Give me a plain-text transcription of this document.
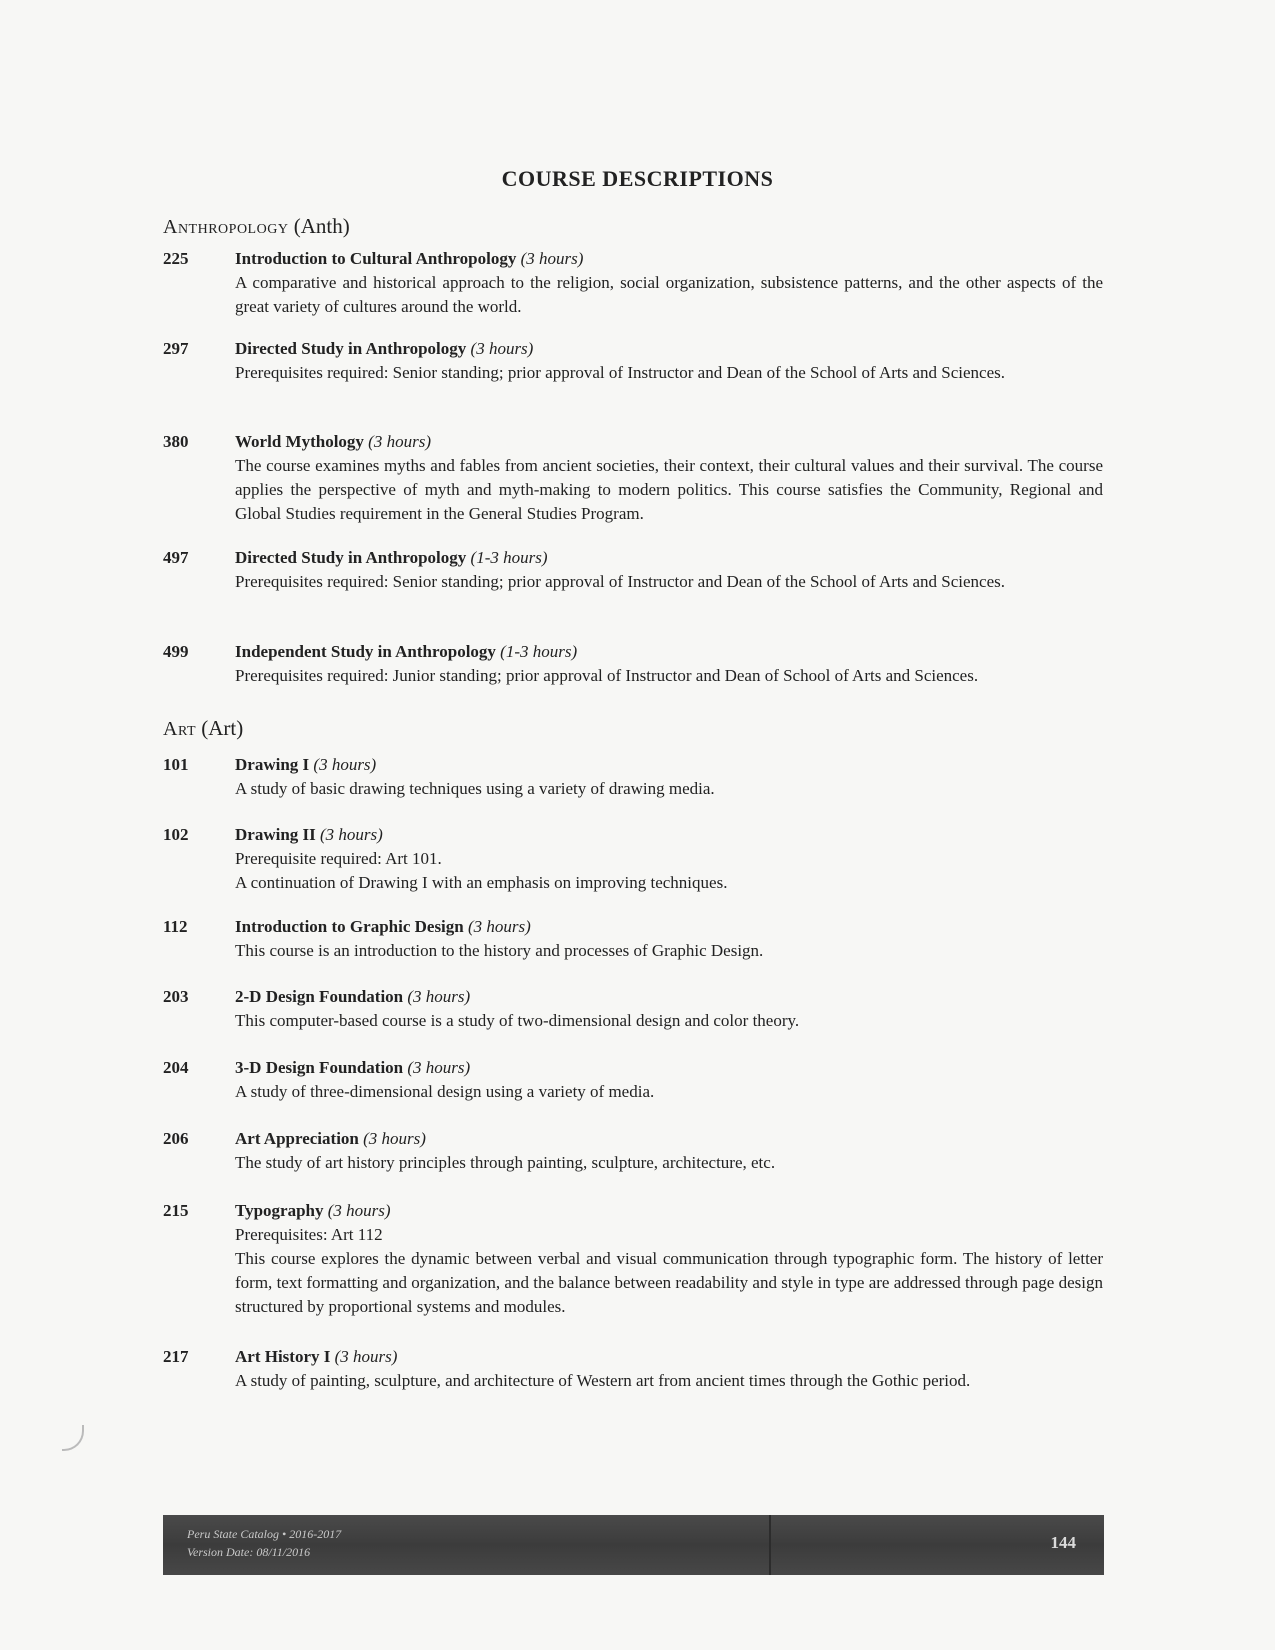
COURSE DESCRIPTIONS
Anthropology (Anth)
225	Introduction to Cultural Anthropology (3 hours)
A comparative and historical approach to the religion, social organization, subsistence patterns, and the other aspects of the great variety of cultures around the world.
297	Directed Study in Anthropology (3 hours)
Prerequisites required: Senior standing; prior approval of Instructor and Dean of the School of Arts and Sciences.
380	World Mythology (3 hours)
The course examines myths and fables from ancient societies, their context, their cultural values and their survival. The course applies the perspective of myth and myth-making to modern politics. This course satisfies the Community, Regional and Global Studies requirement in the General Studies Program.
497	Directed Study in Anthropology (1-3 hours)
Prerequisites required: Senior standing; prior approval of Instructor and Dean of the School of Arts and Sciences.
499	Independent Study in Anthropology (1-3 hours)
Prerequisites required: Junior standing; prior approval of Instructor and Dean of School of Arts and Sciences.
Art (Art)
101	Drawing I (3 hours)
A study of basic drawing techniques using a variety of drawing media.
102	Drawing II (3 hours)
Prerequisite required: Art 101.
A continuation of Drawing I with an emphasis on improving techniques.
112	Introduction to Graphic Design (3 hours)
This course is an introduction to the history and processes of Graphic Design.
203	2-D Design Foundation (3 hours)
This computer-based course is a study of two-dimensional design and color theory.
204	3-D Design Foundation (3 hours)
A study of three-dimensional design using a variety of media.
206	Art Appreciation (3 hours)
The study of art history principles through painting, sculpture, architecture, etc.
215	Typography (3 hours)
Prerequisites: Art 112
This course explores the dynamic between verbal and visual communication through typographic form. The history of letter form, text formatting and organization, and the balance between readability and style in type are addressed through page design structured by proportional systems and modules.
217	Art History I (3 hours)
A study of painting, sculpture, and architecture of Western art from ancient times through the Gothic period.
Peru State Catalog • 2016-2017
Version Date: 08/11/2016	144
